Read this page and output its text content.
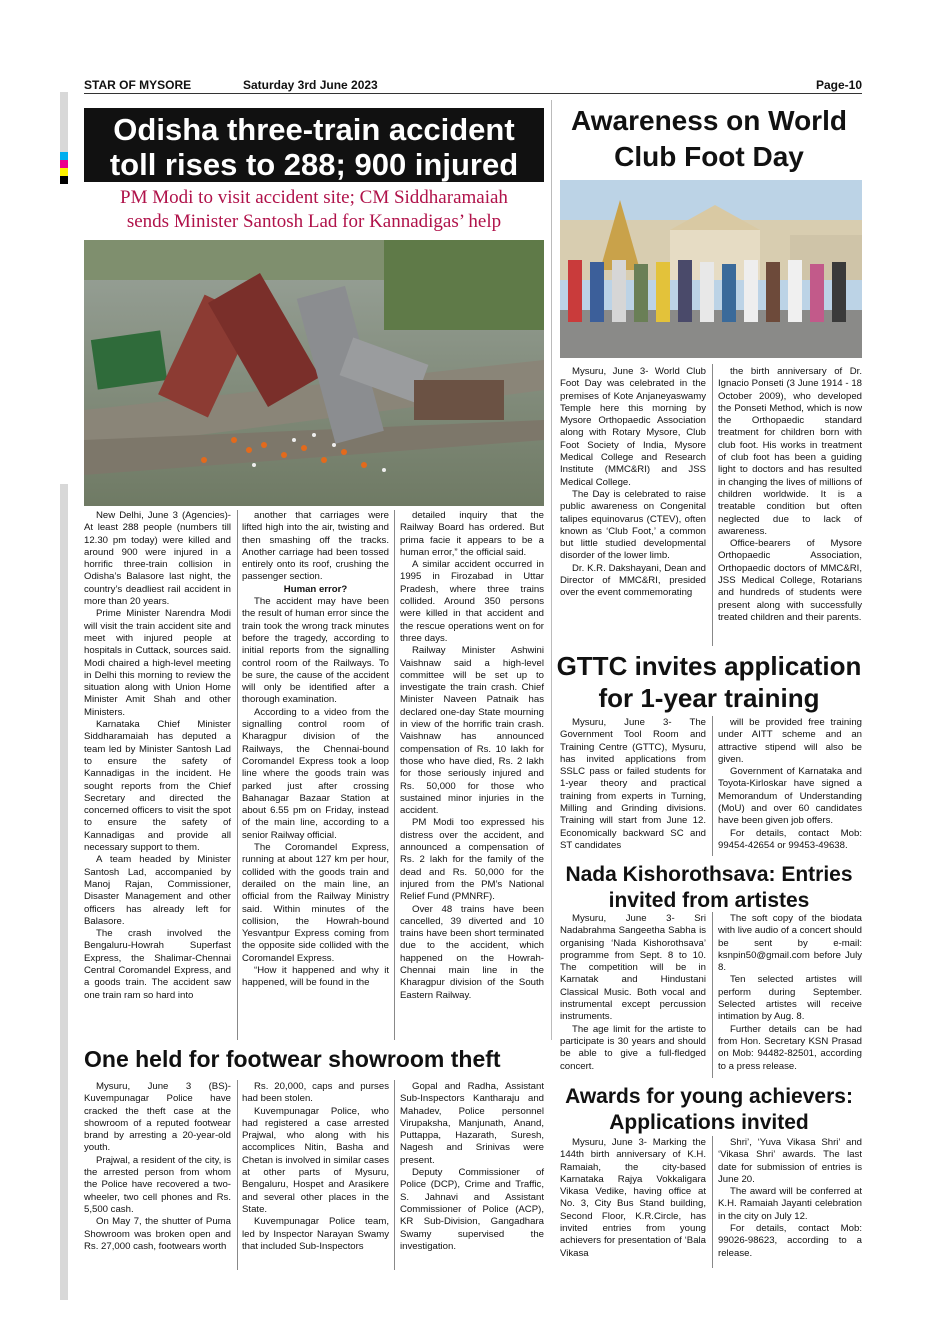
STAR OF MYSORE	Saturday 3rd June 2023	Page-10
Odisha three-train accident
toll rises to 288; 900 injured
PM Modi to visit accident site; CM Siddharamaiah
sends Minister Santosh Lad for Kannadigas’ help

New Delhi, June 3 (Agencies)- At least 288 people (numbers till 12.30 pm today) were killed and around 900 were injured in a horrific three-train collision in Odisha’s Balasore last night, the country’s deadliest rail accident in more than 20 years.

Prime Minister Narendra Modi will visit the train accident site and meet with injured people at hospitals in Cuttack, sources said. Modi chaired a high-level meeting in Delhi this morning to review the situation along with Union Home Minister Amit Shah and other Ministers.

Karnataka Chief Minister Siddharamaiah has deputed a team led by Minister Santosh Lad to ensure the safety of Kannadigas in the incident. He sought reports from the Chief Secretary and directed the concerned officers to visit the spot to ensure the safety of Kannadigas and provide all necessary support to them.

A team headed by Minister Santosh Lad, accompanied by Manoj Rajan, Commissioner, Disaster Management and other officers has already left for Balasore.

The crash involved the Bengaluru-Howrah Superfast Express, the Shalimar-Chennai Central Coromandel Express, and a goods train. The accident saw one train ram so hard into

another that carriages were lifted high into the air, twisting and then smashing off the tracks. Another carriage had been tossed entirely onto its roof, crushing the passenger section.

Human error?

The accident may have been the result of human error since the train took the wrong track minutes before the tragedy, according to initial reports from the signalling control room of the Railways. To be sure, the cause of the accident will only be identified after a thorough examination.

According to a video from the signalling control room of Kharagpur division of the Railways, the Chennai-bound Coromandel Express took a loop line where the goods train was parked just after crossing Bahanagar Bazaar Station at about 6.55 pm on Friday, instead of the main line, according to a senior Railway official.

The Coromandel Express, running at about 127 km per hour, collided with the goods train and derailed on the main line, an official from the Railway Ministry said. Within minutes of the collision, the Howrah-bound Yesvantpur Express coming from the opposite side collided with the Coromandel Express.

“How it happened and why it happened, will be found in the

detailed inquiry that the Railway Board has ordered. But prima facie it appears to be a human error,” the official said.

A similar accident occurred in 1995 in Firozabad in Uttar Pradesh, where three trains collided. Around 350 persons were killed in that accident and the rescue operations went on for three days.

Railway Minister Ashwini Vaishnaw said a high-level committee will be set up to investigate the train crash. Chief Minister Naveen Patnaik has declared one-day State mourning in view of the horrific train crash. Vaishnaw has announced compensation of Rs. 10 lakh for those who have died, Rs. 2 lakh for those seriously injured and Rs. 50,000 for those who sustained minor injuries in the accident.

PM Modi too expressed his distress over the accident, and announced a compensation of Rs. 2 lakh for the family of the dead and Rs. 50,000 for the injured from the PM’s National Relief Fund (PMNRF).

Over 48 trains have been cancelled, 39 diverted and 10 trains have been short terminated due to the accident, which happened on the Howrah-Chennai main line in the Kharagpur division of the South Eastern Railway.

Awareness on World
Club Foot Day

Mysuru, June 3- World Club Foot Day was celebrated in the premises of Kote Anjaneyaswamy Temple here this morning by Mysore Orthopaedic Association along with Rotary Mysore, Club Foot Society of India, Mysore Medical College and Research Institute (MMC&RI) and JSS Medical College.

The Day is celebrated to raise public awareness on Congenital talipes equinovarus (CTEV), often known as ‘Club Foot,’ a common but little studied developmental disorder of the lower limb.

Dr. K.R. Dakshayani, Dean and Director of MMC&RI, presided over the event commemorating

the birth anniversary of Dr. Ignacio Ponseti (3 June 1914 - 18 October 2009), who developed the Ponseti Method, which is now the Orthopaedic standard treatment for children born with club foot. His works in treatment of club foot has been a guiding light to doctors and has resulted in changing the lives of millions of children worldwide. It is a treatable condition but often neglected due to lack of awareness.

Office-bearers of Mysore Orthopaedic Association, Orthopaedic doctors of MMC&RI, JSS Medical College, Rotarians and hundreds of students were present along with successfully treated children and their parents.

GTTC invites application
for 1-year training

Mysuru, June 3- The Government Tool Room and Training Centre (GTTC), Mysuru, has invited applications from SSLC pass or failed students for 1-year theory and practical training from experts in Turning, Milling and Grinding divisions. Training will start from June 12. Economically backward SC and ST candidates

will be provided free training under AITT scheme and an attractive stipend will also be given.

Government of Karnataka and Toyota-Kirloskar have signed a Memorandum of Understanding (MoU) and over 60 candidates have been given job offers.

For details, contact Mob: 99454-42654 or 99453-49638.

Nada Kishorothsava: Entries
invited from artistes

Mysuru, June 3- Sri Nadabrahma Sangeetha Sabha is organising ‘Nada Kishorothsava’ programme from Sept. 8 to 10. The competition will be in Karnatak and Hindustani Classical Music. Both vocal and instrumental except percussion instruments.

The age limit for the artiste to participate is 30 years and should be able to give a full-fledged concert.

The soft copy of the biodata with live audio of a concert should be sent by e-mail: ksnpin50@gmail.com before July 8.

Ten selected artistes will perform during September. Selected artistes will receive intimation by Aug. 8.

Further details can be had from Hon. Secretary KSN Prasad on Mob: 94482-82501, according to a press release.

Awards for young achievers:
Applications invited

Mysuru, June 3- Marking the 144th birth anniversary of K.H. Ramaiah, the city-based Karnataka Rajya Vokkaligara Vikasa Vedike, having office at No. 3, City Bus Stand building, Second Floor, K.R.Circle, has invited entries from young achievers for presentation of ‘Bala Vikasa

Shri’, ‘Yuva Vikasa Shri’ and ‘Vikasa Shri’ awards. The last date for submission of entries is June 20.

The award will be conferred at K.H. Ramaiah Jayanti celebration in the city on July 12.

For details, contact Mob: 99026-98623, according to a release.

One held for footwear showroom theft

Mysuru, June 3 (BS)- Kuvempunagar Police have cracked the theft case at the showroom of a reputed footwear brand by arresting a 20-year-old youth.

Prajwal, a resident of the city, is the arrested person from whom the Police have recovered a two-wheeler, two cell phones and Rs. 5,500 cash.

On May 7, the shutter of Puma Showroom was broken open and Rs. 27,000 cash, footwears worth

Rs. 20,000, caps and purses had been stolen.

Kuvempunagar Police, who had registered a case arrested Prajwal, who along with his accomplices Nitin, Basha and Chetan is involved in similar cases at other parts of Mysuru, Bengaluru, Hospet and Arasikere and several other places in the State.

Kuvempunagar Police team, led by Inspector Narayan Swamy that included Sub-Inspectors

Gopal and Radha, Assistant Sub-Inspectors Kantharaju and Mahadev, Police personnel Virupaksha, Manjunath, Anand, Puttappa, Hazarath, Suresh, Nagesh and Srinivas were present.

Deputy Commissioner of Police (DCP), Crime and Traffic, S. Jahnavi and Assistant Commissioner of Police (ACP), KR Sub-Division, Gangadhara Swamy supervised the investigation.
